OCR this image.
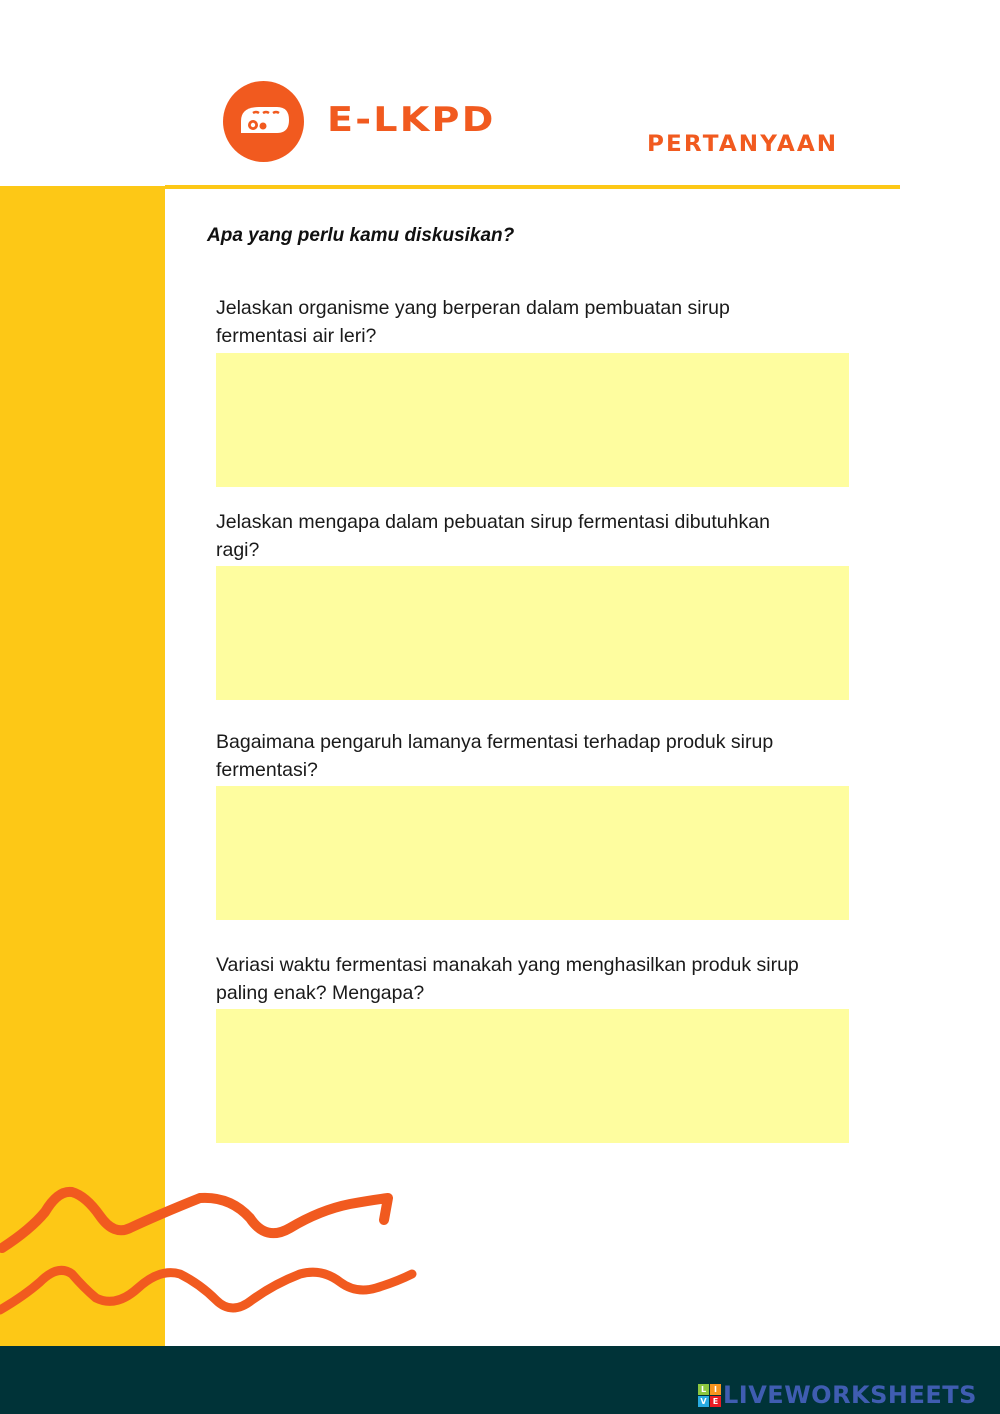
E-LKPD
PERTANYAAN
Apa yang perlu kamu diskusikan?
Jelaskan organisme yang berperan dalam pembuatan sirup
fermentasi air leri?
Jelaskan mengapa dalam pebuatan sirup fermentasi dibutuhkan
ragi?
Bagaimana pengaruh lamanya fermentasi terhadap produk sirup
fermentasi?
Variasi waktu fermentasi manakah yang menghasilkan produk sirup
paling enak? Mengapa?
L I
V E LIVEWORKSHEETS
